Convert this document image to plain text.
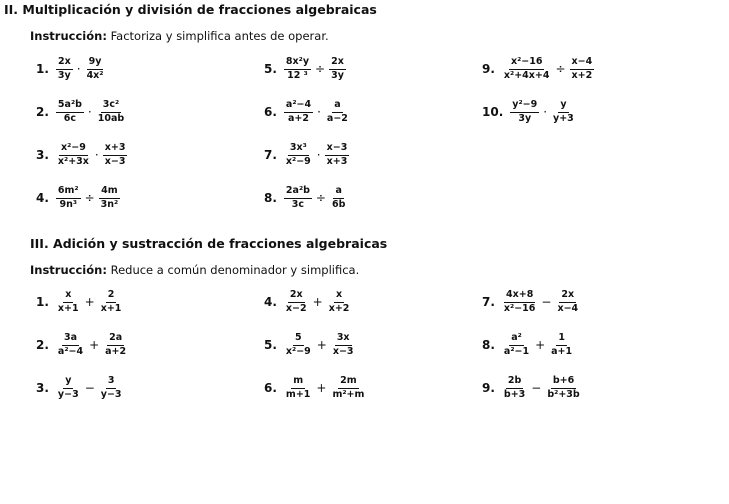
II. Multiplicación y división de fracciones algebraicas
Instrucción: Factoriza y simplifica antes de operar.
1. $\frac{2x}{3y} \cdot \frac{9y}{\text{4x²}}$
2. $\frac{\text{5a²b}}{6c} \cdot \frac{\text{3c²}}{10ab}$
3. $\frac{\text{x²−9}}{\text{x²+3x}} \cdot \frac{x+3}{x-3}$
4. $\frac{\text{6m²}}{\text{9n³}} \div \frac{4m}{\text{3n²}}$
5. $\frac{\text{8x²y}}{\text{12 ³}} \div \frac{2x}{3y}$
6. $\frac{\text{a²−4}}{a+2} \cdot \frac{a}{a-2}$
7. $\frac{\text{3x³}}{\text{x²−9}} \cdot \frac{x-3}{x+3}$
8. $\frac{\text{2a²b}}{3c} \div \frac{a}{6b}$
9. $\frac{\text{x²−16}}{\text{x²+4x+4}} \div \frac{x-4}{x+2}$
10. $\frac{\text{y²−9}}{3y} \cdot \frac{y}{y+3}$
III. Adición y sustracción de fracciones algebraicas
Instrucción: Reduce a común denominador y simplifica.
1. $\frac{x}{x+1} + \frac{2}{x+1}$
2. $\frac{3a}{\text{a²−4}} + \frac{2a}{a+2}$
3. $\frac{y}{y-3} - \frac{3}{y-3}$
4. $\frac{2x}{x-2} + \frac{x}{x+2}$
5. $\frac{5}{\text{x²−9}} + \frac{3x}{x-3}$
6. $\frac{m}{m+1} + \frac{2m}{\text{m²+m}}$
7. $\frac{4x+8}{\text{x²−16}} - \frac{2x}{x-4}$
8. $\frac{\text{a²}}{\text{a²−1}} + \frac{1}{a+1}$
9. $\frac{2b}{b+3} - \frac{b+6}{\text{b²+3b}}$
